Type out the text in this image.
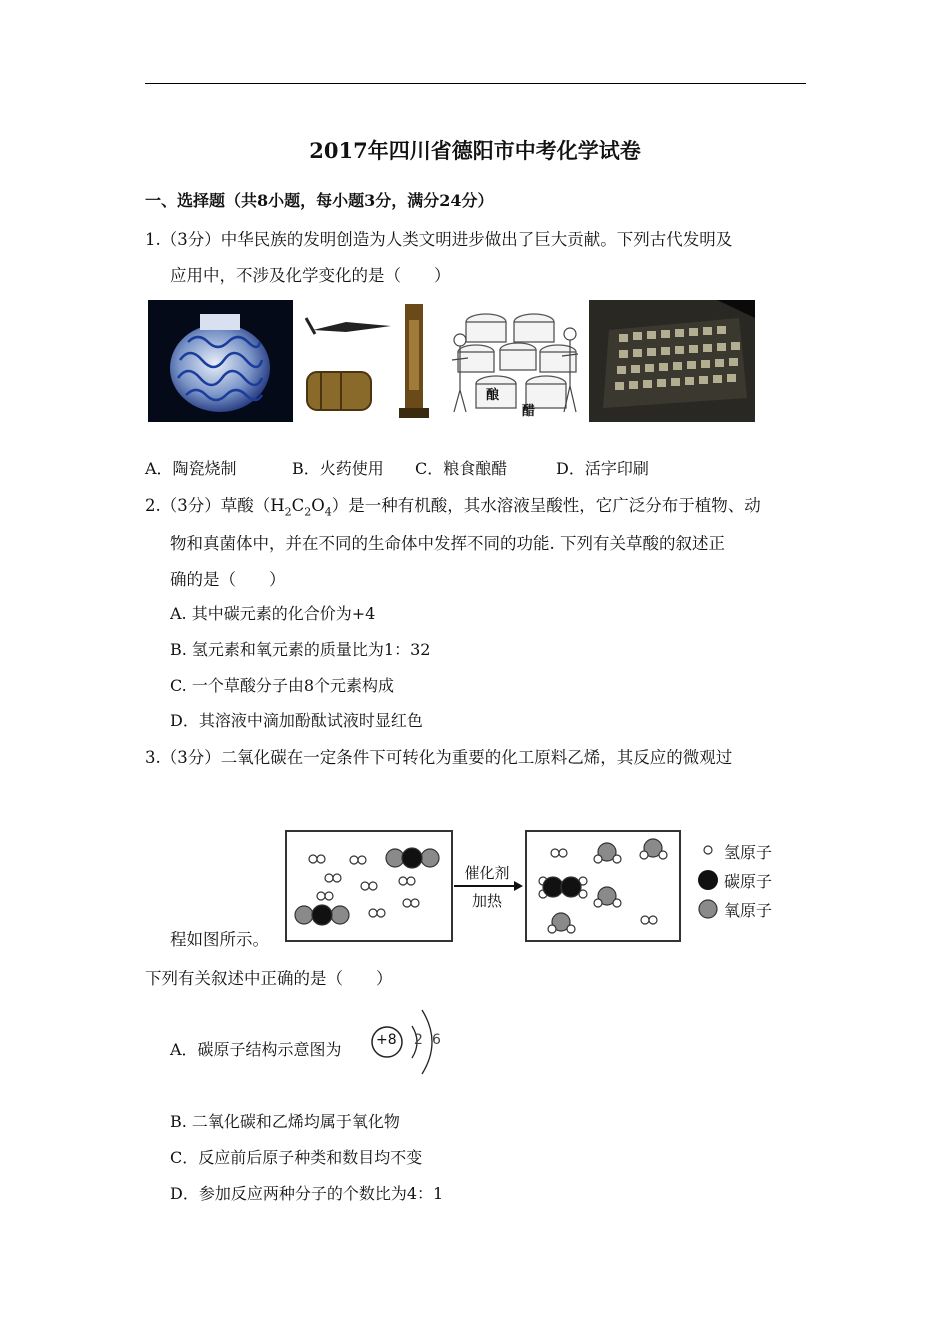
2017年四川省德阳市中考化学试卷
一、选择题（共8小题，每小题3分，满分24分）
1.（3分）中华民族的发明创造为人类文明进步做出了巨大贡献。下列古代发明及
应用中，不涉及化学变化的是（　　）
酿
醋
A．陶瓷烧制	B．火药使用 C．粮食酿醋	D．活字印刷
2.（3分）草酸$(H_2C_2O_4)$是一种有机酸，其水溶液呈酸性，它广泛分布于植物、动
物和真菌体中，并在不同的生命体中发挥不同的功能. 下列有关草酸的叙述正
确的是（　　）
A. 其中碳元素的化合价为+4
B. 氢元素和氧元素的质量比为1：32
C. 一个草酸分子由8个元素构成
D．其溶液中滴加酚酞试液时显红色
3.（3分）二氧化碳在一定条件下可转化为重要的化工原料乙烯，其反应的微观过
催化剂
加热
氢原子
碳原子
氧原子
程如图所示。
下列有关叙述中正确的是（　　）
A．碳原子结构示意图为 +8 2 6
B. 二氧化碳和乙烯均属于氧化物
C．反应前后原子种类和数目均不变
D．参加反应两种分子的个数比为4：1
